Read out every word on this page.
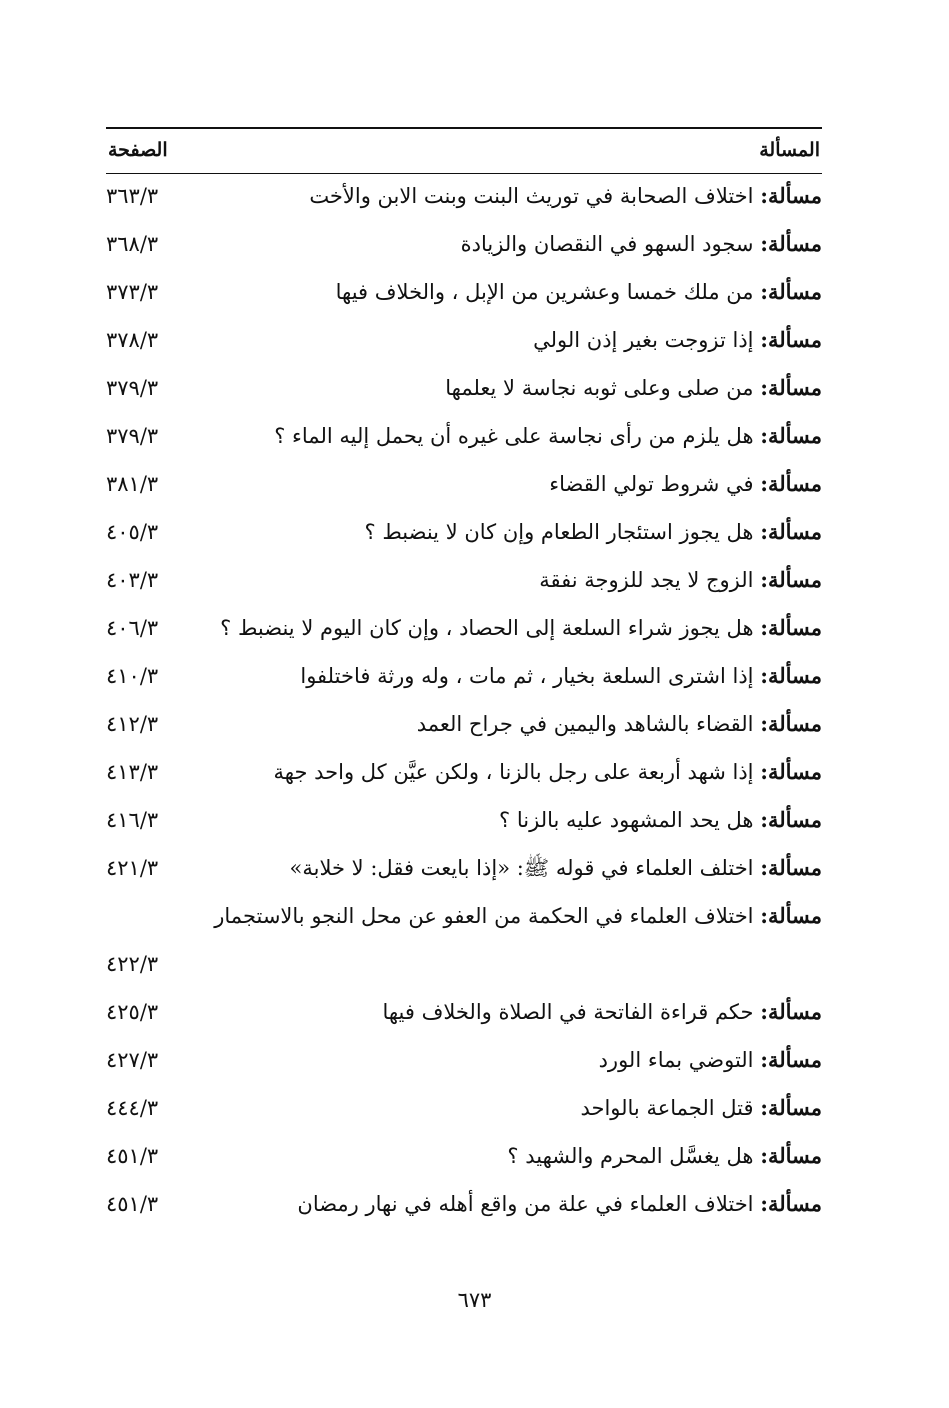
المسألة
الصفحة
مسألة: اختلاف الصحابة في توريث البنت وبنت الابن والأخت
٣٦٣/٣
مسألة: سجود السهو في النقصان والزيادة
٣٦٨/٣
مسألة: من ملك خمسا وعشرين من الإبل ، والخلاف فيها
٣٧٣/٣
مسألة: إذا تزوجت بغير إذن الولي
٣٧٨/٣
مسألة: من صلى وعلى ثوبه نجاسة لا يعلمها
٣٧٩/٣
مسألة: هل يلزم من رأى نجاسة على غيره أن يحمل إليه الماء ؟
٣٧٩/٣
مسألة: في شروط تولي القضاء
٣٨١/٣
مسألة: هل يجوز استئجار الطعام وإن كان لا ينضبط ؟
٤٠٥/٣
مسألة: الزوج لا يجد للزوجة نفقة
٤٠٣/٣
مسألة: هل يجوز شراء السلعة إلى الحصاد ، وإن كان اليوم لا ينضبط ؟
٤٠٦/٣
مسألة: إذا اشترى السلعة بخيار ، ثم مات ، وله ورثة فاختلفوا
٤١٠/٣
مسألة: القضاء بالشاهد واليمين في جراح العمد
٤١٢/٣
مسألة: إذا شهد أربعة على رجل بالزنا ، ولكن عيَّن كل واحد جهة
٤١٣/٣
مسألة: هل يحد المشهود عليه بالزنا ؟
٤١٦/٣
مسألة: اختلف العلماء في قوله ﷺ: «إذا بايعت فقل: لا خلابة»
٤٢١/٣
مسألة: اختلاف العلماء في الحكمة من العفو عن محل النجو بالاستجمار
٤٢٢/٣
مسألة: حكم قراءة الفاتحة في الصلاة والخلاف فيها
٤٢٥/٣
مسألة: التوضي بماء الورد
٤٢٧/٣
مسألة: قتل الجماعة بالواحد
٤٤٤/٣
مسألة: هل يغسَّل المحرم والشهيد ؟
٤٥١/٣
مسألة: اختلاف العلماء في علة من واقع أهله في نهار رمضان
٤٥١/٣
٦٧٣
